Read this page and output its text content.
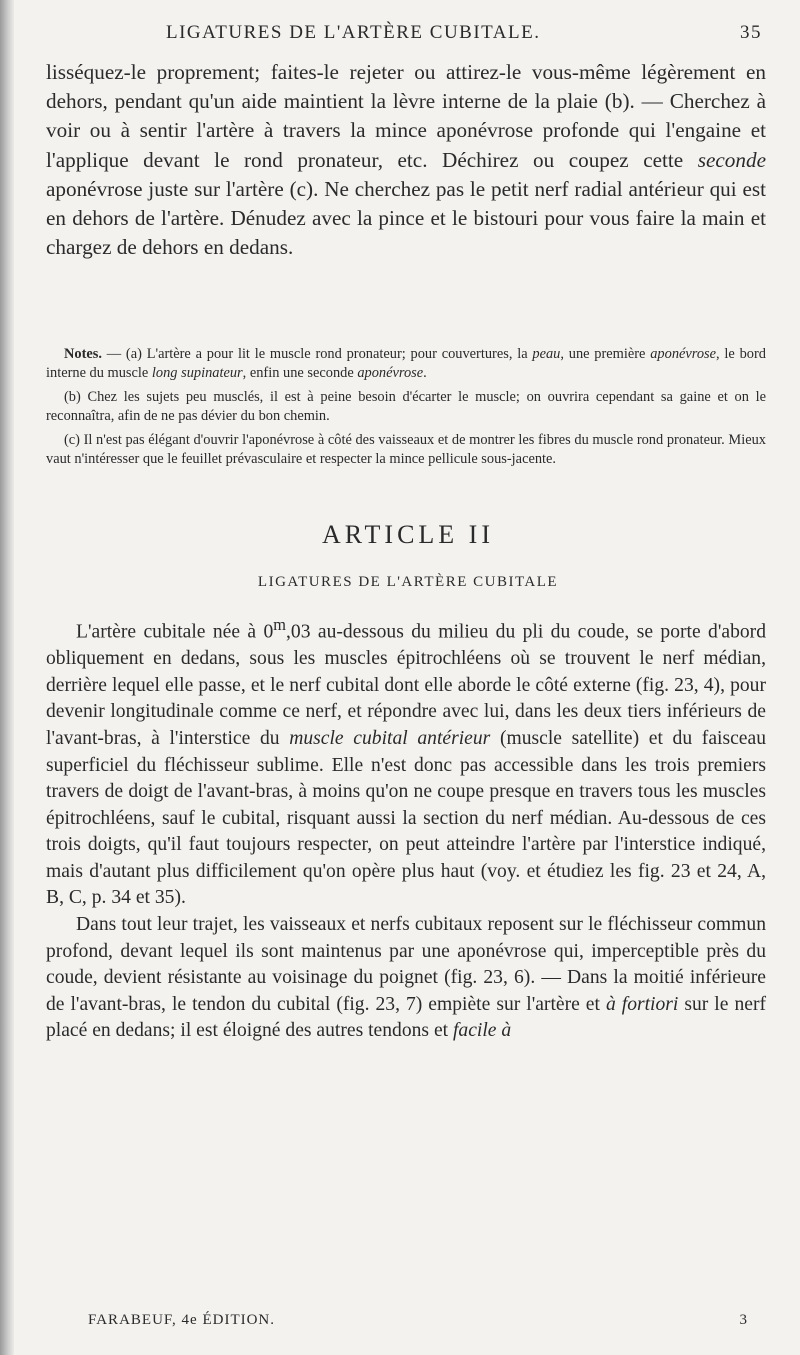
LIGATURES DE L'ARTÈRE CUBITALE.	35

lisséquez-le proprement; faites-le rejeter ou attirez-le vous-même légèrement en dehors, pendant qu'un aide maintient la lèvre interne de la plaie (b). — Cherchez à voir ou à sentir l'artère à travers la mince aponévrose profonde qui l'engaine et l'applique devant le rond pronateur, etc. Déchirez ou coupez cette seconde aponévrose juste sur l'artère (c). Ne cherchez pas le petit nerf radial antérieur qui est en dehors de l'artère. Dénudez avec la pince et le bistouri pour vous faire la main et chargez de dehors en dedans.

Notes. — (a) L'artère a pour lit le muscle rond pronateur; pour couvertures, la peau, une première aponévrose, le bord interne du muscle long supinateur, enfin une seconde aponévrose.

(b) Chez les sujets peu musclés, il est à peine besoin d'écarter le muscle; on ouvrira cependant sa gaine et on le reconnaîtra, afin de ne pas dévier du bon chemin.

(c) Il n'est pas élégant d'ouvrir l'aponévrose à côté des vaisseaux et de montrer les fibres du muscle rond pronateur. Mieux vaut n'intéresser que le feuillet prévasculaire et respecter la mince pellicule sous-jacente.

ARTICLE II
LIGATURES DE L'ARTÈRE CUBITALE

L'artère cubitale née à 0$^m$,03 au-dessous du milieu du pli du coude, se porte d'abord obliquement en dedans, sous les muscles épitrochléens où se trouvent le nerf médian, derrière lequel elle passe, et le nerf cubital dont elle aborde le côté externe (fig. 23, 4), pour devenir longitudinale comme ce nerf, et répondre avec lui, dans les deux tiers inférieurs de l'avant-bras, à l'interstice du muscle cubital antérieur (muscle satellite) et du faisceau superficiel du fléchisseur sublime. Elle n'est donc pas accessible dans les trois premiers travers de doigt de l'avant-bras, à moins qu'on ne coupe presque en travers tous les muscles épitrochléens, sauf le cubital, risquant aussi la section du nerf médian. Au-dessous de ces trois doigts, qu'il faut toujours respecter, on peut atteindre l'artère par l'interstice indiqué, mais d'autant plus difficilement qu'on opère plus haut (voy. et étudiez les fig. 23 et 24, A, B, C, p. 34 et 35).

Dans tout leur trajet, les vaisseaux et nerfs cubitaux reposent sur le fléchisseur commun profond, devant lequel ils sont maintenus par une aponévrose qui, imperceptible près du coude, devient résistante au voisinage du poignet (fig. 23, 6). — Dans la moitié inférieure de l'avant-bras, le tendon du cubital (fig. 23, 7) empiète sur l'artère et à fortiori sur le nerf placé en dedans; il est éloigné des autres tendons et facile à

FARABEUF, 4e ÉDITION.	3
